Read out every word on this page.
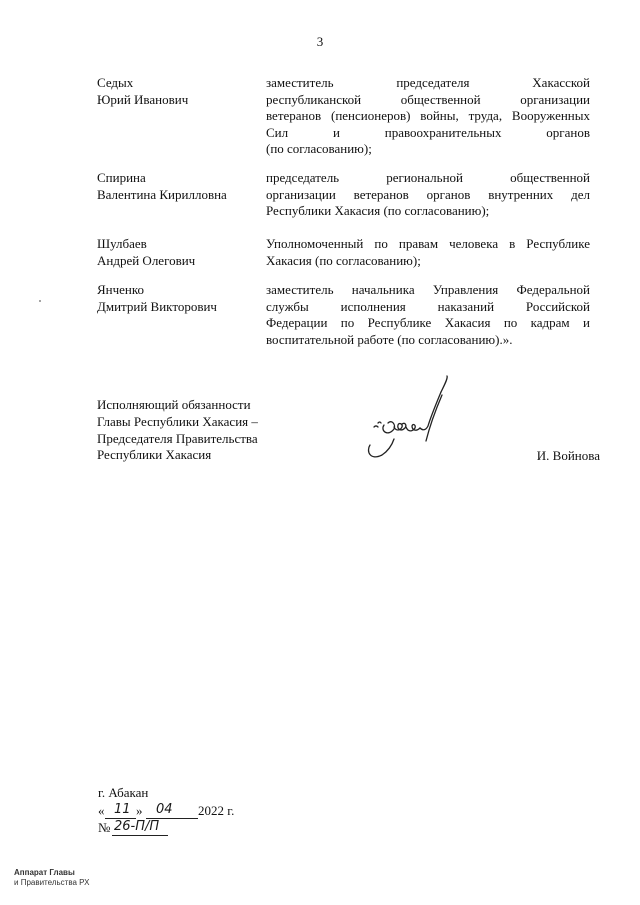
3
Седых
Юрий Иванович
заместитель председателя Хакасской
республиканской общественной организации
ветеранов (пенсионеров) войны, труда, Вооруженных
Сил и правоохранительных органов
(по согласованию);
Спирина
Валентина Кирилловна
председатель региональной общественной
организации ветеранов органов внутренних дел
Республики Хакасия (по согласованию);
Шулбаев
Андрей Олегович
Уполномоченный по правам человека в Республике
Хакасия (по согласованию);
Янченко
Дмитрий Викторович
заместитель начальника Управления Федеральной
службы исполнения наказаний Российской
Федерации по Республике Хакасия по кадрам и
воспитательной работе (по согласованию).».
Исполняющий обязанности
Главы Республики Хакасия –
Председателя Правительства
Республики Хакасия	И. Войнова
г. Абакан
« 11 » 04 2022 г.
№ 26-П/П
Аппарат Главы
и Правительства РХ
